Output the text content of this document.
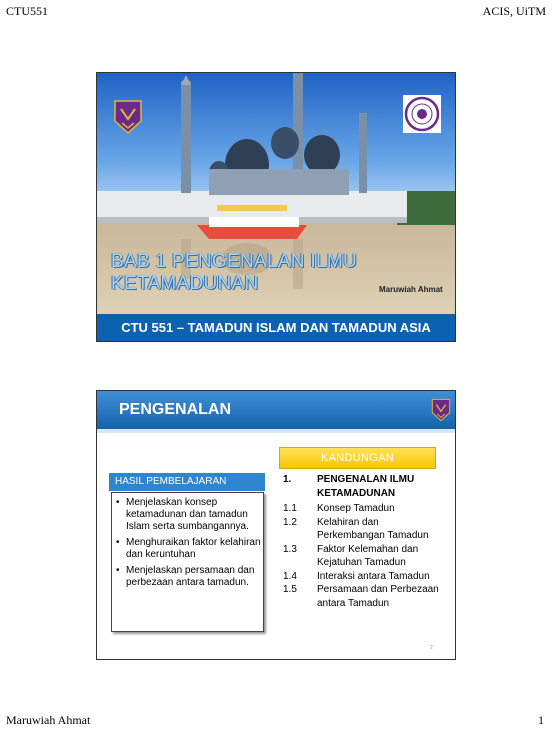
CTU551	ACIS, UiTM
BAB 1 PENGENALAN ILMU KETAMADUNAN	Maruwiah Ahmat
CTU 551 – TAMADUN ISLAM DAN TAMADUN ASIA
PENGENALAN
KANDUNGAN
HASIL PEMBELAJARAN
• Menjelaskan konsep ketamadunan dan tamadun Islam serta sumbangannya.
• Menghuraikan faktor kelahiran dan keruntuhan
• Menjelaskan persamaan dan perbezaan antara tamadun.
1.	PENGENALAN ILMU KETAMADUNAN
1.1	Konsep Tamadun
1.2	Kelahiran dan Perkembangan Tamadun
1.3	Faktor Kelemahan dan Kejatuhan Tamadun
1.4	Interaksi antara Tamadun
1.5	Persamaan dan Perbezaan antara Tamadun
2
Maruwiah Ahmat	1
